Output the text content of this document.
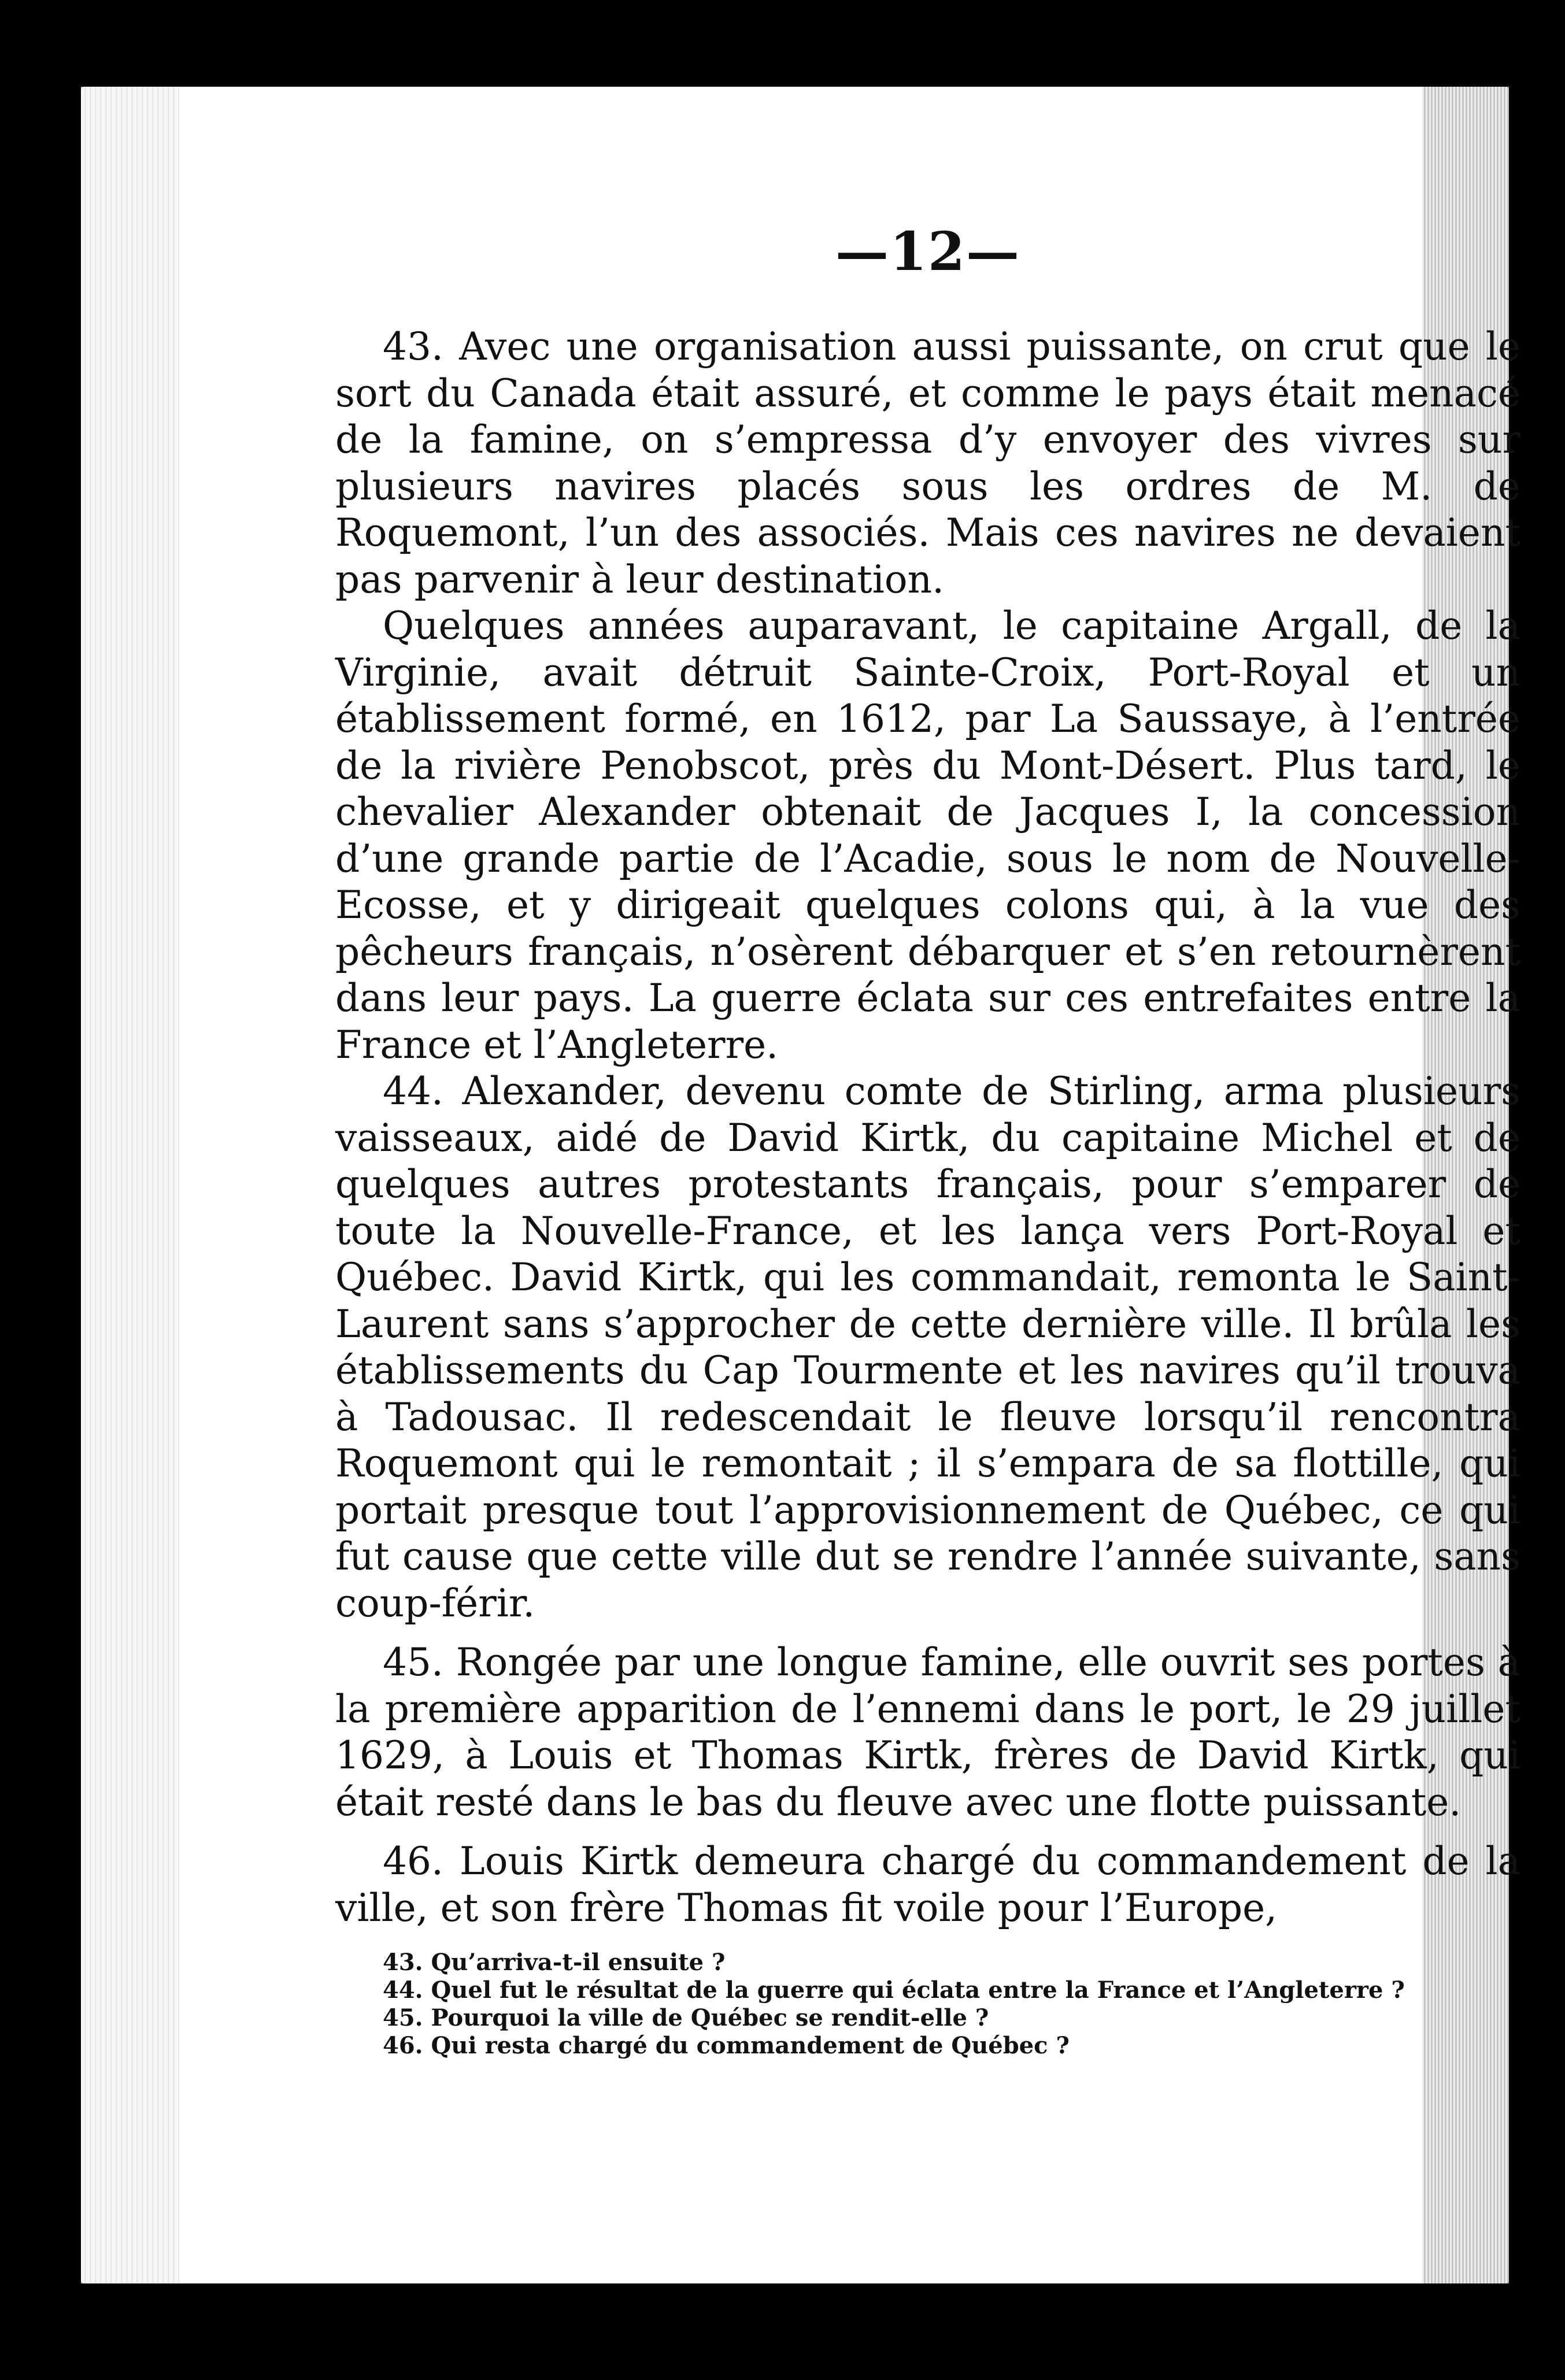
—12—

43. Avec une organisation aussi puissante, on crut que le sort du Canada était assuré, et comme le pays était menacé de la famine, on s’empressa d’y envoyer des vivres sur plusieurs navires placés sous les ordres de M. de Roquemont, l’un des associés. Mais ces navires ne devaient pas parvenir à leur destination.

Quelques années auparavant, le capitaine Argall, de la Virginie, avait détruit Sainte-Croix, Port-Royal et un établissement formé, en 1612, par La Saussaye, à l’entrée de la rivière Penobscot, près du Mont-Désert. Plus tard, le chevalier Alexander obtenait de Jacques I, la concession d’une grande partie de l’Acadie, sous le nom de Nouvelle-Ecosse, et y dirigeait quelques colons qui, à la vue des pêcheurs français, n’osèrent débarquer et s’en retournèrent dans leur pays. La guerre éclata sur ces entrefaites entre la France et l’Angleterre.

44. Alexander, devenu comte de Stirling, arma plusieurs vaisseaux, aidé de David Kirtk, du capitaine Michel et de quelques autres protestants français, pour s’emparer de toute la Nouvelle-France, et les lança vers Port-Royal et Québec. David Kirtk, qui les commandait, remonta le Saint-Laurent sans s’approcher de cette dernière ville. Il brûla les établissements du Cap Tourmente et les navires qu’il trouva à Tadousac. Il redescendait le fleuve lorsqu’il rencontra Roquemont qui le remontait ; il s’empara de sa flottille, qui portait presque tout l’approvisionnement de Québec, ce qui fut cause que cette ville dut se rendre l’année suivante, sans coup-férir.

45. Rongée par une longue famine, elle ouvrit ses portes à la première apparition de l’ennemi dans le port, le 29 juillet 1629, à Louis et Thomas Kirtk, frères de David Kirtk, qui était resté dans le bas du fleuve avec une flotte puissante.

46. Louis Kirtk demeura chargé du commandement de la ville, et son frère Thomas fit voile pour l’Europe,

43. Qu’arriva-t-il ensuite ?

44. Quel fut le résultat de la guerre qui éclata entre la France et l’Angleterre ?

45. Pourquoi la ville de Québec se rendit-elle ?

46. Qui resta chargé du commandement de Québec ?
